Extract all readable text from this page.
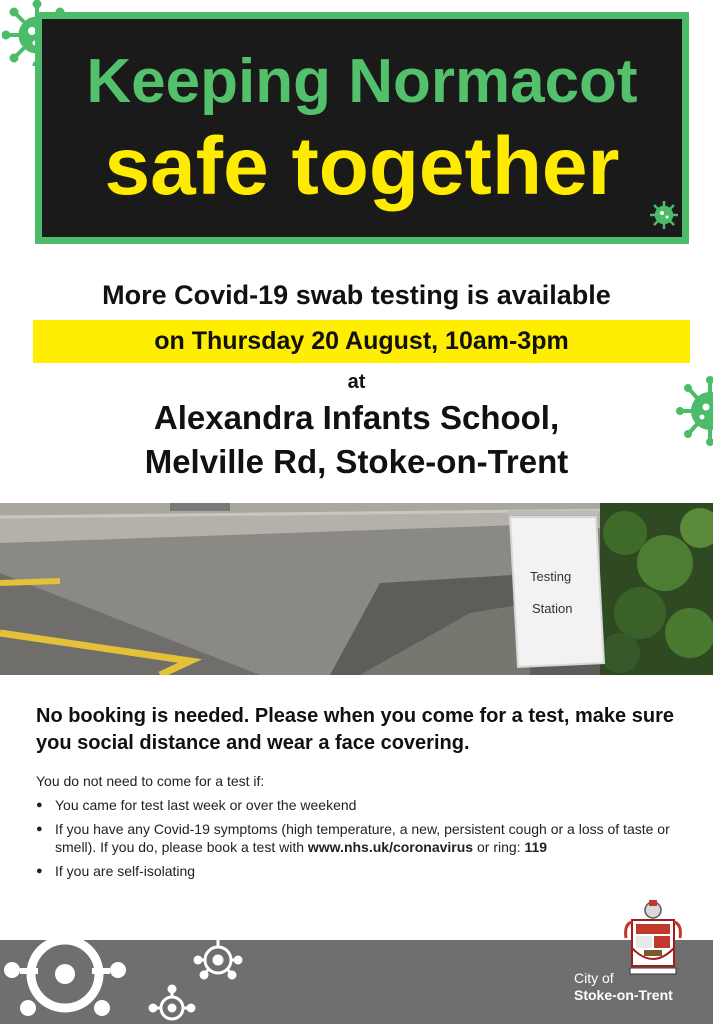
Keeping Normacot
safe together
More Covid-19 swab testing is available
on Thursday 20 August, 10am-3pm
at
Alexandra Infants School,
Melville Rd, Stoke-on-Trent
Testing
Station
No booking is needed. Please when you come for a test, make sure you social distance and wear a face covering.
You do not need to come for a test if:
● You came for test last week or over the weekend
● If you have any Covid-19 symptoms (high temperature, a new, persistent cough or a loss of taste or smell). If you do, please book a test with www.nhs.uk/coronavirus or ring: 119
● If you are self-isolating
City of
Stoke-on-Trent
